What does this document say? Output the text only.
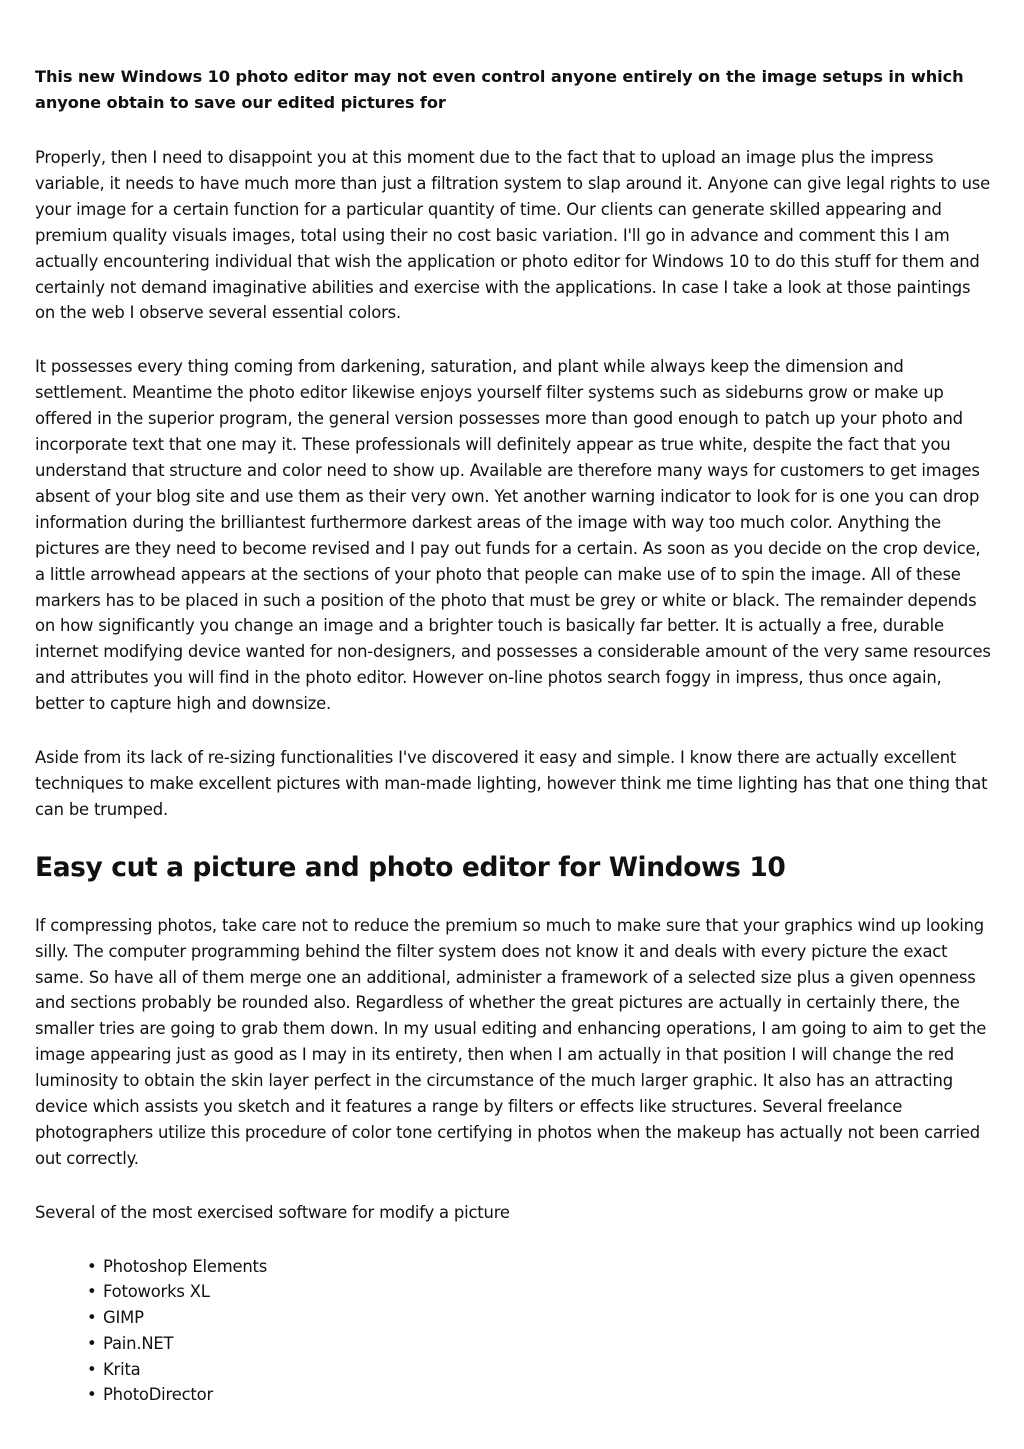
This new Windows 10 photo editor may not even control anyone entirely on the image setups in which anyone obtain to save our edited pictures for

Properly, then I need to disappoint you at this moment due to the fact that to upload an image plus the impress variable, it needs to have much more than just a filtration system to slap around it. Anyone can give legal rights to use your image for a certain function for a particular quantity of time. Our clients can generate skilled appearing and premium quality visuals images, total using their no cost basic variation. I'll go in advance and comment this I am actually encountering individual that wish the application or photo editor for Windows 10 to do this stuff for them and certainly not demand imaginative abilities and exercise with the applications. In case I take a look at those paintings on the web I observe several essential colors.

It possesses every thing coming from darkening, saturation, and plant while always keep the dimension and settlement. Meantime the photo editor likewise enjoys yourself filter systems such as sideburns grow or make up offered in the superior program, the general version possesses more than good enough to patch up your photo and incorporate text that one may it. These professionals will definitely appear as true white, despite the fact that you understand that structure and color need to show up. Available are therefore many ways for customers to get images absent of your blog site and use them as their very own. Yet another warning indicator to look for is one you can drop information during the brilliantest furthermore darkest areas of the image with way too much color. Anything the pictures are they need to become revised and I pay out funds for a certain. As soon as you decide on the crop device, a little arrowhead appears at the sections of your photo that people can make use of to spin the image. All of these markers has to be placed in such a position of the photo that must be grey or white or black. The remainder depends on how significantly you change an image and a brighter touch is basically far better. It is actually a free, durable internet modifying device wanted for non-designers, and possesses a considerable amount of the very same resources and attributes you will find in the photo editor. However on-line photos search foggy in impress, thus once again, better to capture high and downsize.

Aside from its lack of re-sizing functionalities I've discovered it easy and simple. I know there are actually excellent techniques to make excellent pictures with man-made lighting, however think me time lighting has that one thing that can be trumped.

Easy cut a picture and photo editor for Windows 10

If compressing photos, take care not to reduce the premium so much to make sure that your graphics wind up looking silly. The computer programming behind the filter system does not know it and deals with every picture the exact same. So have all of them merge one an additional, administer a framework of a selected size plus a given openness and sections probably be rounded also. Regardless of whether the great pictures are actually in certainly there, the smaller tries are going to grab them down. In my usual editing and enhancing operations, I am going to aim to get the image appearing just as good as I may in its entirety, then when I am actually in that position I will change the red luminosity to obtain the skin layer perfect in the circumstance of the much larger graphic. It also has an attracting device which assists you sketch and it features a range by filters or effects like structures. Several freelance photographers utilize this procedure of color tone certifying in photos when the makeup has actually not been carried out correctly.

Several of the most exercised software for modify a picture

• Photoshop Elements
• Fotoworks XL
• GIMP
• Pain.NET
• Krita
• PhotoDirector
